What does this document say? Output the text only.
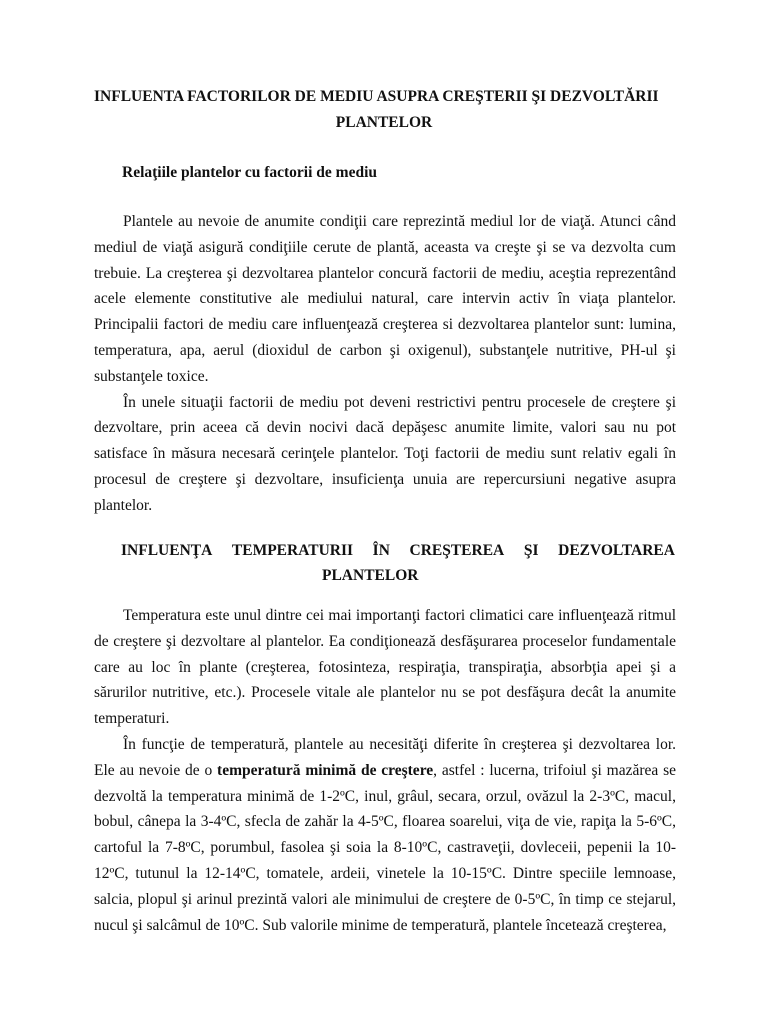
INFLUENTA FACTORILOR DE MEDIU ASUPRA CREŞTERII ŞI DEZVOLTĂRII
PLANTELOR
Relaţiile plantelor cu factorii de mediu

Plantele au nevoie de anumite condiţii care reprezintă mediul lor de viaţă. Atunci când mediul de viaţă asigură condiţiile cerute de plantă, aceasta va creşte şi se va dezvolta cum trebuie. La creşterea şi dezvoltarea plantelor concură factorii de mediu, aceştia reprezentând acele elemente constitutive ale mediului natural, care intervin activ în viaţa plantelor. Principalii factori de mediu care influenţează creşterea si dezvoltarea plantelor sunt: lumina, temperatura, apa, aerul (dioxidul de carbon şi oxigenul), substanţele nutritive, PH-ul şi substanţele toxice.

În unele situaţii factorii de mediu pot deveni restrictivi pentru procesele de creştere şi dezvoltare, prin aceea că devin nocivi dacă depăşesc anumite limite, valori sau nu pot satisface în măsura necesară cerinţele plantelor. Toţi factorii de mediu sunt relativ egali în procesul de creştere şi dezvoltare, insuficienţa unuia are repercursiuni negative asupra plantelor.

INFLUENŢA TEMPERATURII ÎN CREŞTEREA ŞI DEZVOLTAREA
PLANTELOR

Temperatura este unul dintre cei mai importanţi factori climatici care influenţează ritmul de creştere şi dezvoltare al plantelor. Ea condiţionează desfăşurarea proceselor fundamentale care au loc în plante (creşterea, fotosinteza, respiraţia, transpiraţia, absorbţia apei şi a sărurilor nutritive, etc.). Procesele vitale ale plantelor nu se pot desfăşura decât la anumite temperaturi.

În funcţie de temperatură, plantele au necesităţi diferite în creşterea şi dezvoltarea lor. Ele au nevoie de o temperatură minimă de creştere, astfel : lucerna, trifoiul şi mazărea se dezvoltă la temperatura minimă de 1-2ºC, inul, grâul, secara, orzul, ovăzul la 2-3ºC, macul, bobul, cânepa la 3-4ºC, sfecla de zahăr la 4-5ºC, floarea soarelui, viţa de vie, rapiţa la 5-6ºC, cartoful la 7-8ºC, porumbul, fasolea şi soia la 8-10ºC, castraveţii, dovleceii, pepenii la 10-12ºC, tutunul la 12-14ºC, tomatele, ardeii, vinetele la 10-15ºC. Dintre speciile lemnoase, salcia, plopul şi arinul prezintă valori ale minimului de creştere de 0-5ºC, în timp ce stejarul, nucul şi salcâmul de 10ºC. Sub valorile minime de temperatură, plantele încetează creşterea,
